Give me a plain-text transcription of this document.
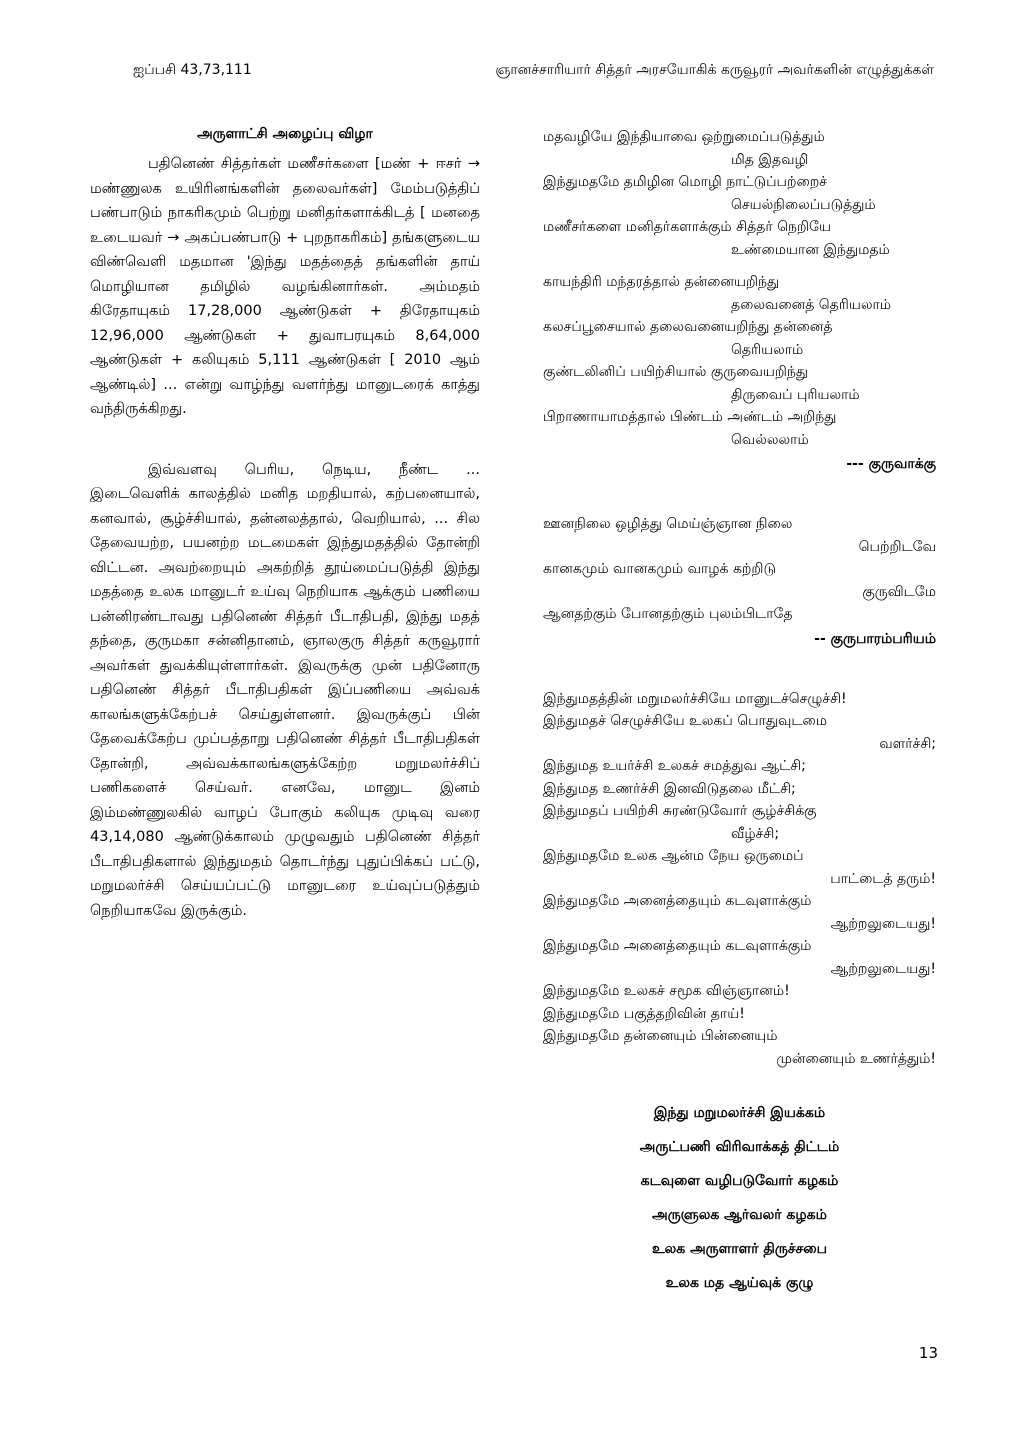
ஐப்பசி 43,73,111	ஞானச்சாரியார் சித்தர் அரசயோகிக் கருவூரர் அவர்களின் எழுத்துக்கள்
அருளாட்சி அழைப்பு விழா

பதினெண் சித்தர்கள் மணீசர்களை [மண் + ஈசர் → மண்ணுலக உயிரினங்களின் தலைவர்கள்] மேம்படுத்திப் பண்பாடும் நாகரிகமும் பெற்று மனிதர்களாக்கிடத் [ மனதை உடையவர் → அகப்பண்பாடு + புறநாகரிகம்] தங்களுடைய விண்வெளி மதமான 'இந்து மதத்தைத் தங்களின் தாய் மொழியான தமிழில் வழங்கினார்கள். அம்மதம் கிரேதாயுகம் 17,28,000 ஆண்டுகள் + திரேதாயுகம் 12,96,000 ஆண்டுகள் + துவாபரயுகம் 8,64,000 ஆண்டுகள் + கலியுகம் 5,111 ஆண்டுகள் [ 2010 ஆம் ஆண்டில்] ... என்று வாழ்ந்து வளர்ந்து மானுடரைக் காத்து வந்திருக்கிறது.

இவ்வளவு பெரிய, நெடிய, நீண்ட ... இடைவெளிக் காலத்தில் மனித மறதியால், கற்பனையால், கனவால், சூழ்ச்சியால், தன்னலத்தால், வெறியால், ... சில தேவையற்ற, பயனற்ற மடமைகள் இந்துமதத்தில் தோன்றி விட்டன. அவற்றையும் அகற்றித் தூய்மைப்படுத்தி இந்து மதத்தை உலக மானுடர் உய்வு நெறியாக ஆக்கும் பணியை பன்னிரண்டாவது பதினெண் சித்தர் பீடாதிபதி, இந்து மதத் தந்தை, குருமகா சன்னிதானம், ஞாலகுரு சித்தர் கருவூரார் அவர்கள் துவக்கியுள்ளார்கள். இவருக்கு முன் பதினோரு பதினெண் சித்தர் பீடாதிபதிகள் இப்பணியை அவ்வக் காலங்களுக்கேற்பச் செய்துள்ளனர். இவருக்குப் பின் தேவைக்கேற்ப முப்பத்தாறு பதினெண் சித்தர் பீடாதிபதிகள் தோன்றி, அவ்வக்காலங்களுக்கேற்ற மறுமலர்ச்சிப் பணிகளைச் செய்வர். எனவே, மானுட இனம் இம்மண்ணுலகில் வாழப் போகும் கலியுக முடிவு வரை 43,14,080 ஆண்டுக்காலம் முழுவதும் பதினெண் சித்தர் பீடாதிபதிகளால் இந்துமதம் தொடர்ந்து புதுப்பிக்கப் பட்டு, மறுமலர்ச்சி செய்யப்பட்டு மானுடரை உய்வுப்படுத்தும் நெறியாகவே இருக்கும்.

மதவழியே இந்தியாவை ஒற்றுமைப்படுத்தும்
மித இதவழி
இந்துமதமே தமிழின மொழி நாட்டுப்பற்றைச்
செயல்நிலைப்படுத்தும்
மணீசர்களை மனிதர்களாக்கும் சித்தர் நெறியே
உண்மையான இந்துமதம்
காயந்திரி மந்தரத்தால் தன்னையறிந்து
தலைவனைத் தெரியலாம்
கலசப்பூசையால் தலைவனையறிந்து தன்னைத்
தெரியலாம்
குண்டலினிப் பயிற்சியால் குருவையறிந்து
திருவைப் புரியலாம்
பிறாணாயாமத்தால் பிண்டம் அண்டம் அறிந்து
வெல்லலாம்
--- குருவாக்கு
ஊனநிலை ஒழித்து மெய்ஞ்ஞான நிலை
பெற்றிடவே
கானகமும் வானகமும் வாழக் கற்றிடு
குருவிடமே
ஆனதற்கும் போனதற்கும் புலம்பிடாதே
-- குருபாரம்பரியம்
இந்துமதத்தின் மறுமலர்ச்சியே மானுடச்செழுச்சி!
இந்துமதச் செழுச்சியே உலகப் பொதுவுடமை
வளர்ச்சி;
இந்துமத உயர்ச்சி உலகச் சமத்துவ ஆட்சி;
இந்துமத உணர்ச்சி இனவிடுதலை மீட்சி;
இந்துமதப் பயிற்சி சுரண்டுவோர் சூழ்ச்சிக்கு
வீழ்ச்சி;
இந்துமதமே உலக ஆன்ம நேய ஒருமைப்
பாட்டைத் தரும்!
இந்துமதமே அனைத்தையும் கடவுளாக்கும்
ஆற்றலுடையது!
இந்துமதமே அனைத்தையும் கடவுளாக்கும்
ஆற்றலுடையது!
இந்துமதமே உலகச் சமூக விஞ்ஞானம்!
இந்துமதமே பகுத்தறிவின் தாய்!
இந்துமதமே தன்னையும் பின்னையும்
முன்னையும் உணர்த்தும்!
இந்து மறுமலர்ச்சி இயக்கம்
அருட்பணி விரிவாக்கத் திட்டம்
கடவுளை வழிபடுவோர் கழகம்
அருளுலக ஆர்வலர் கழகம்
உலக அருளாளர் திருச்சபை
உலக மத ஆய்வுக் குழு
13
